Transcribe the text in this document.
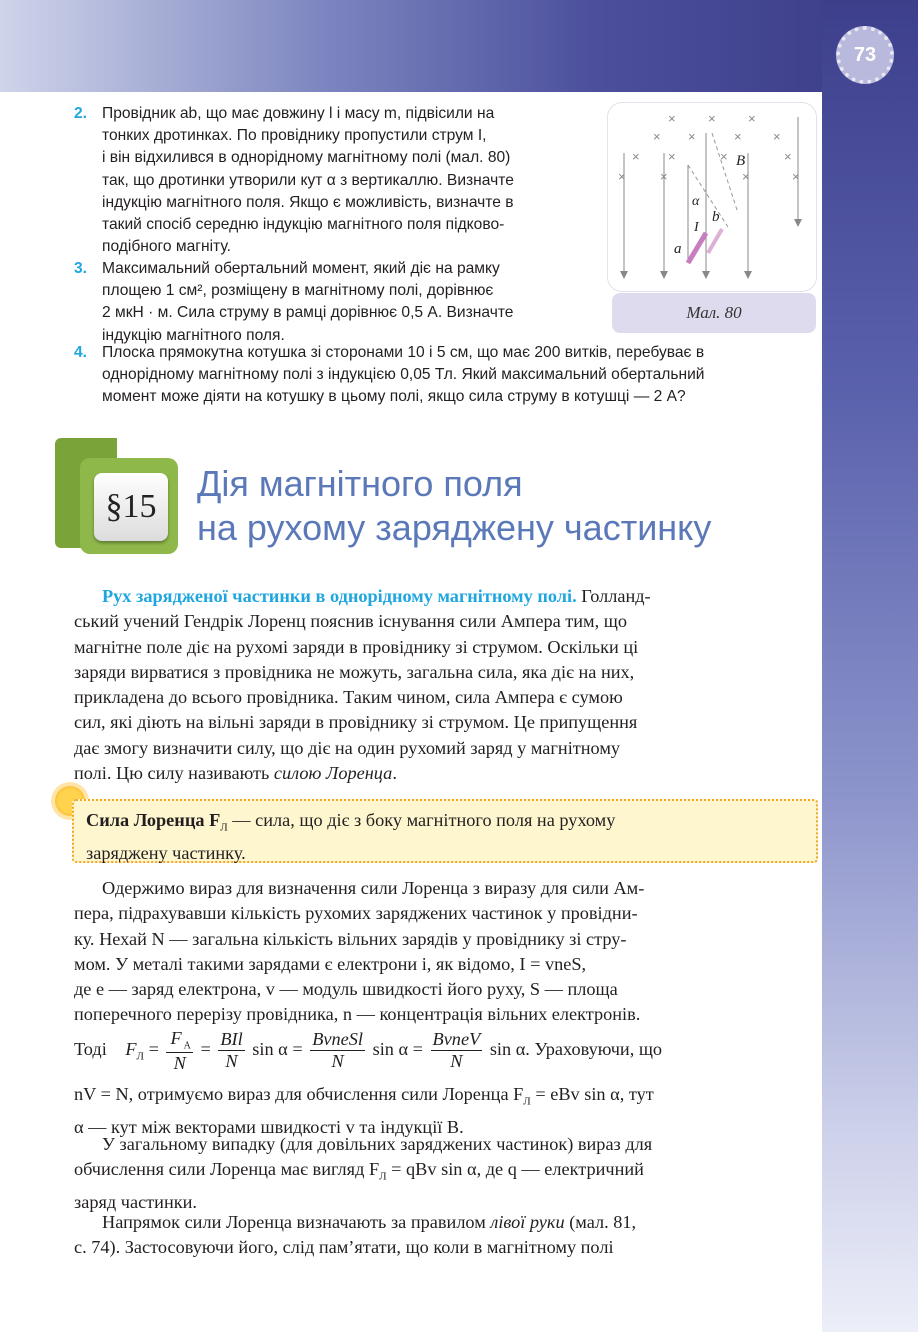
73
2. Провідник ab, що має довжину l і масу m, підвісили на
тонких дротинках. По провіднику пропустили струм I,
і він відхилився в однорідному магнітному полі (мал. 80)
так, що дротинки утворили кут α з вертикаллю. Визначте
індукцію магнітного поля. Якщо є можливість, визначте в
такий спосіб середню індукцію магнітного поля підково-
подібного магніту.
3. Максимальний обертальний момент, який діє на рамку
площею 1 см², розміщену в магнітному полі, дорівнює
2 мкН · м. Сила струму в рамці дорівнює 0,5 А. Визначте
індукцію магнітного поля.
4. Плоска прямокутна котушка зі сторонами 10 і 5 см, що має 200 витків, перебуває в
однорідному магнітному полі з індукцією 0,05 Тл. Який максимальний обертальний
момент може діяти на котушку в цьому полі, якщо сила струму в котушці — 2 А?
× × ×
× ×	× ×
× ×	×	×
×	×	×	×
B
α
I
b
a
Мал. 80
§15
Дія магнітного поля
на рухому заряджену частинку
Рух зарядженої частинки в однорідному магнітному полі. Голланд-
ський учений Гендрік Лоренц пояснив існування сили Ампера тим, що
магнітне поле діє на рухомі заряди в провіднику зі струмом. Оскільки ці
заряди вирватися з провідника не можуть, загальна сила, яка діє на них,
прикладена до всього провідника. Таким чином, сила Ампера є сумою
сил, які діють на вільні заряди в провіднику зі струмом. Це припущення
дає змогу визначити силу, що діє на один рухомий заряд у магнітному
полі. Цю силу називають силою Лоренца.
Сила Лоренца $F_Л$ — сила, що діє з боку магнітного поля на рухому
заряджену частинку.
Одержимо вираз для визначення сили Лоренца з виразу для сили Ам-
пера, підрахувавши кількість рухомих заряджених частинок у провідни-
ку. Нехай N — загальна кількість вільних зарядів у провіднику зі стру-
мом. У металі такими зарядами є електрони і, як відомо, I = vneS,
де e — заряд електрона, v — модуль швидкості його руху, S — площа
поперечного перерізу провідника, n — концентрація вільних електронів.
Тоді $F_Л = \frac{F _А}{N} = \frac{\text{BIl}}{N}$ $\sin \alpha = \frac{\text{BvneSl}}{N}$ $\sin \alpha = \frac{\text{BvneV}}{N}$ sin α. Ураховуючи, що
nV = N, отримуємо вираз для обчислення сили Лоренца $F_Л$ = eBv sin α, тут
α — кут між векторами швидкості v та індукції B.
У загальному випадку (для довільних заряджених частинок) вираз для
обчислення сили Лоренца має вигляд $F_Л$ = qBv sin α, де q — електричний
заряд частинки.
Напрямок сили Лоренца визначають за правилом лівої руки (мал. 81,
с. 74). Застосовуючи його, слід пам’ятати, що коли в магнітному полі
